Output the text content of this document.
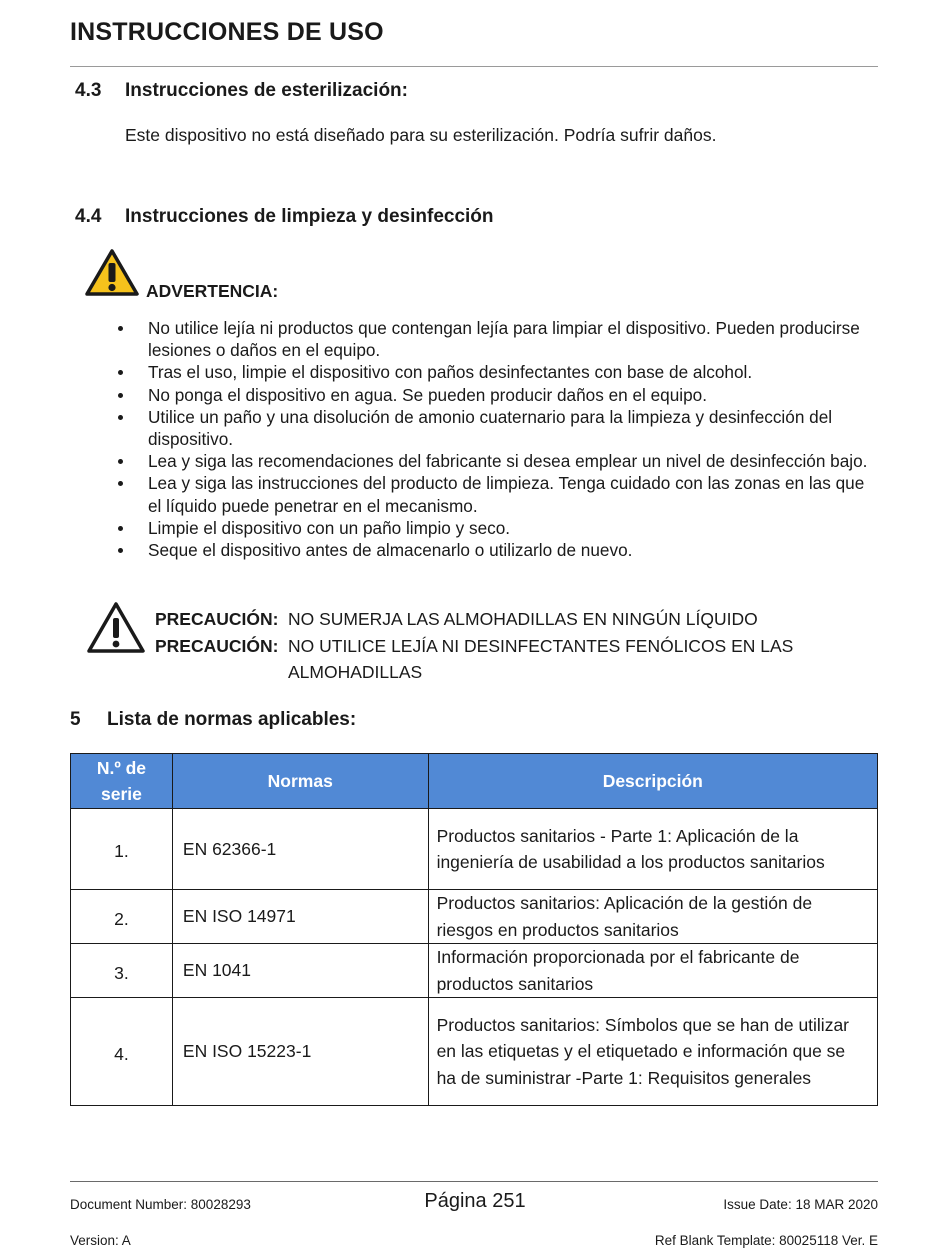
INSTRUCCIONES DE USO
4.3 Instrucciones de esterilización:
Este dispositivo no está diseñado para su esterilización. Podría sufrir daños.
4.4 Instrucciones de limpieza y desinfección
ADVERTENCIA:
No utilice lejía ni productos que contengan lejía para limpiar el dispositivo. Pueden producirse lesiones o daños en el equipo.
Tras el uso, limpie el dispositivo con paños desinfectantes con base de alcohol.
No ponga el dispositivo en agua. Se pueden producir daños en el equipo.
Utilice un paño y una disolución de amonio cuaternario para la limpieza y desinfección del dispositivo.
Lea y siga las recomendaciones del fabricante si desea emplear un nivel de desinfección bajo.
Lea y siga las instrucciones del producto de limpieza. Tenga cuidado con las zonas en las que el líquido puede penetrar en el mecanismo.
Limpie el dispositivo con un paño limpio y seco.
Seque el dispositivo antes de almacenarlo o utilizarlo de nuevo.
PRECAUCIÓN: NO SUMERJA LAS ALMOHADILLAS EN NINGÚN LÍQUIDO
PRECAUCIÓN: NO UTILICE LEJÍA NI DESINFECTANTES FENÓLICOS EN LAS ALMOHADILLAS
5 Lista de normas aplicables:
N.º de serie	Normas	Descripción
1.	EN 62366-1	Productos sanitarios - Parte 1: Aplicación de la ingeniería de usabilidad a los productos sanitarios
2.	EN ISO 14971	Productos sanitarios: Aplicación de la gestión de riesgos en productos sanitarios
3.	EN 1041	Información proporcionada por el fabricante de productos sanitarios
4.	EN ISO 15223-1	Productos sanitarios: Símbolos que se han de utilizar en las etiquetas y el etiquetado e información que se ha de suministrar -Parte 1: Requisitos generales
Document Number: 80028293	Página 251	Issue Date: 18 MAR 2020
Version: A	Ref Blank Template: 80025118 Ver. E
